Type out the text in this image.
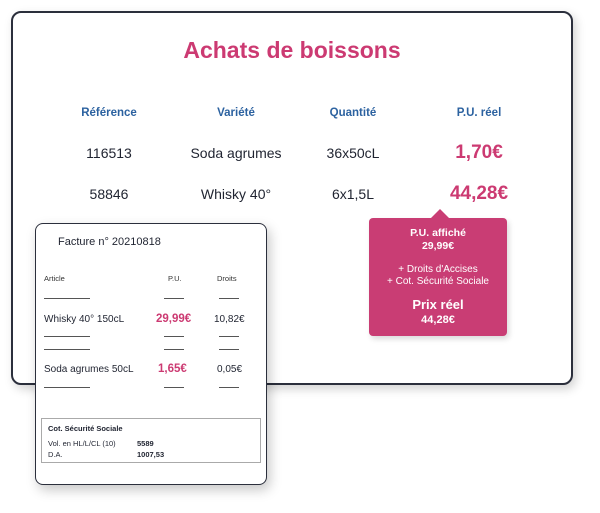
Achats de boissons
Référence	Variété	Quantité	P.U. réel
116513	Soda agrumes	36x50cL	1,70€
58846	Whisky 40°	6x1,5L	44,28€
P.U. affiché
29,99€
+ Droits d'Accises
+ Cot. Sécurité Sociale
Prix réel
44,28€
Facture n° 20210818
Article	P.U.	Droits
Whisky 40° 150cL	29,99€ 10,82€
Soda agrumes 50cL 1,65€	0,05€
Cot. Sécurité Sociale
Vol. en HL/L/CL (10)	5589
D.A.	1007,53
